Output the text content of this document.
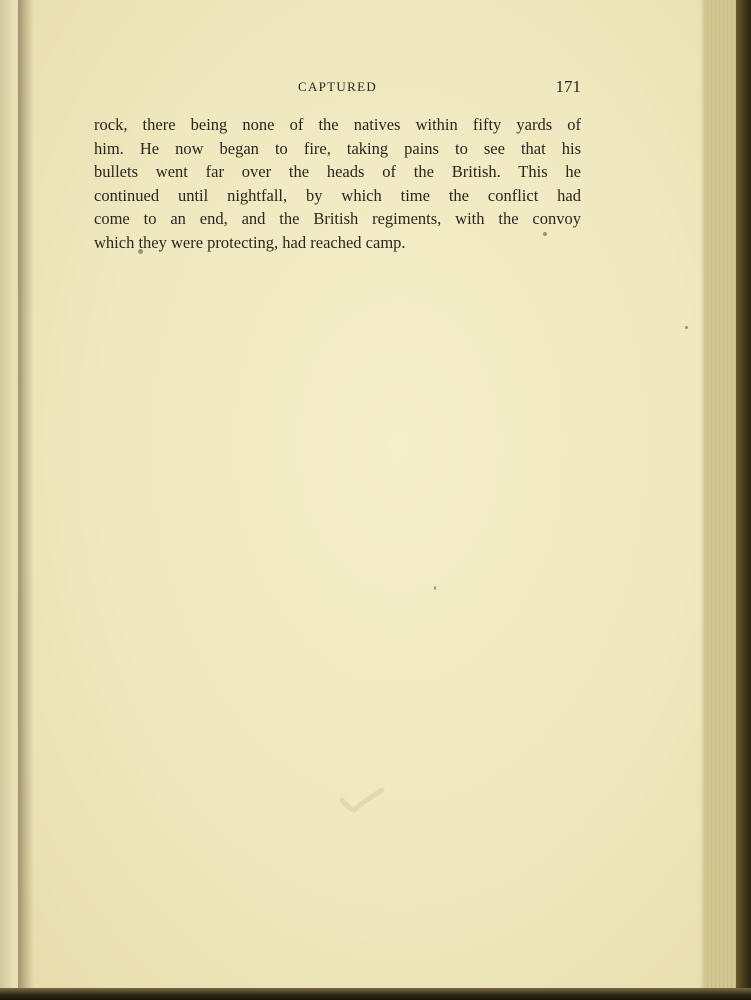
CAPTURED	171
rock, there being none of the natives within fifty yards of
him. He now began to fire, taking pains to see that his
bullets went far over the heads of the British. This he
continued until nightfall, by which time the conflict had
come to an end, and the British regiments, with the convoy
which they were protecting, had reached camp.
